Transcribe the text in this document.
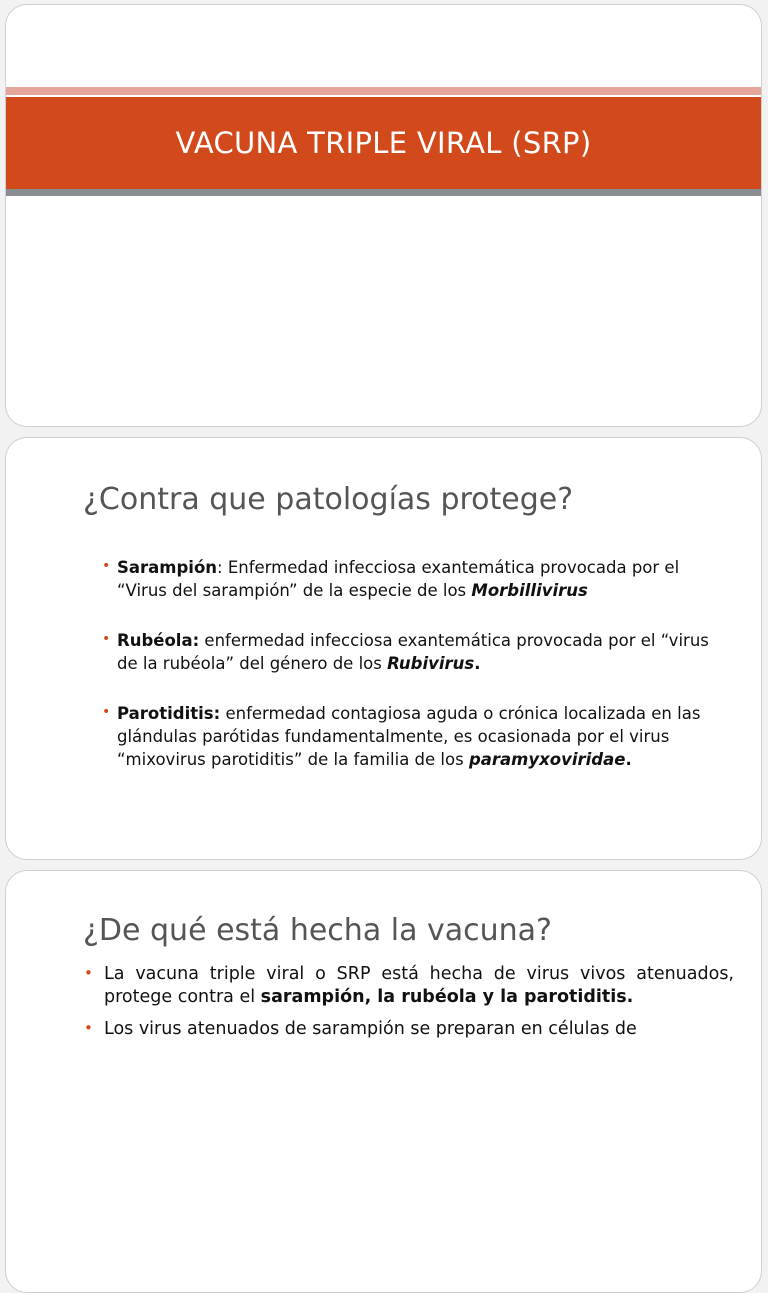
VACUNA TRIPLE VIRAL (SRP)
¿Contra que patologías protege?
• Sarampión: Enfermedad infecciosa exantemática provocada por el “Virus del sarampión” de la especie de los Morbillivirus
• Rubéola: enfermedad infecciosa exantemática provocada por el “virus de la rubéola” del género de los Rubivirus.
• Parotiditis: enfermedad contagiosa aguda o crónica localizada en las glándulas parótidas fundamentalmente, es ocasionada por el virus “mixovirus parotiditis” de la familia de los paramyxoviridae.
¿De qué está hecha la vacuna?
• La vacuna triple viral o SRP está hecha de virus vivos atenuados, protege contra el sarampión, la rubéola y la parotiditis.
• Los virus atenuados de sarampión se preparan en células de
